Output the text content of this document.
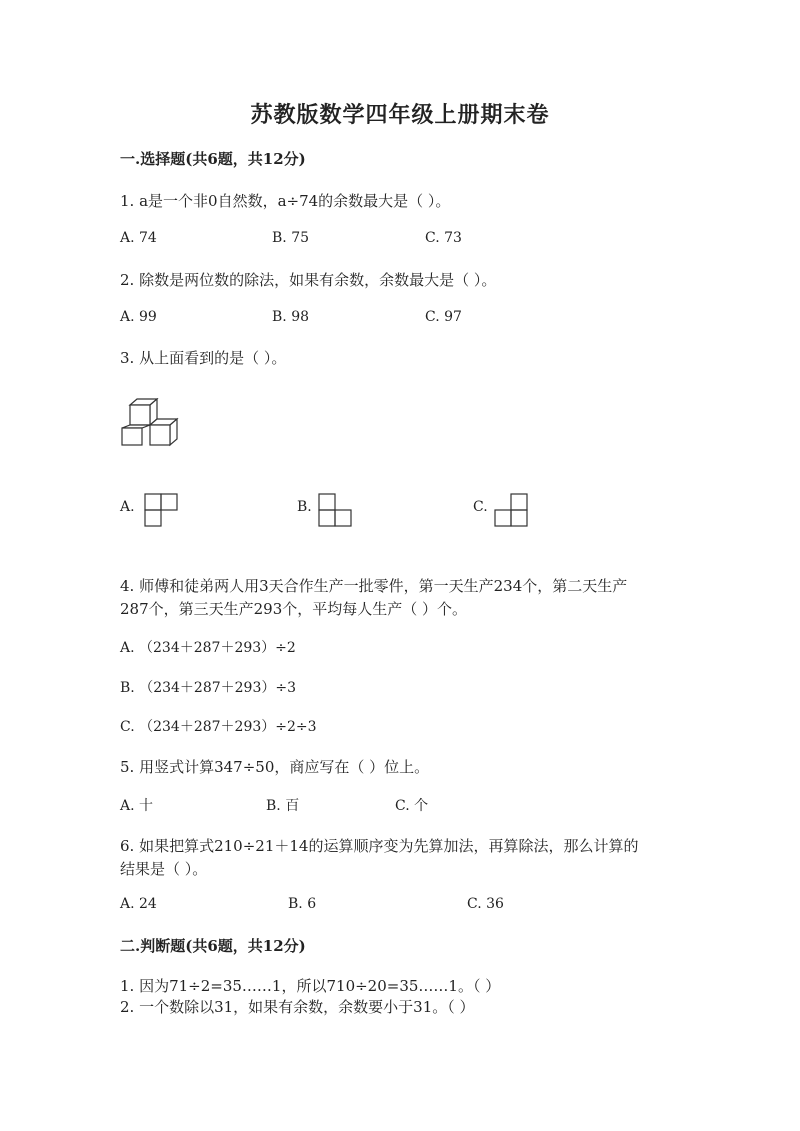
苏教版数学四年级上册期末卷
一.选择题(共6题，共12分)
1. a是一个非0自然数，a÷74的余数最大是（ ）。
A. 74	B. 75	C. 73
2. 除数是两位数的除法，如果有余数，余数最大是（ ）。
A. 99	B. 98	C. 97
3. 从上面看到的是（ ）。
A.	B.	C.
4. 师傅和徒弟两人用3天合作生产一批零件，第一天生产234个，第二天生产
287个，第三天生产293个，平均每人生产（ ）个。
A. （234＋287＋293）÷2
B. （234＋287＋293）÷3
C. （234＋287＋293）÷2÷3
5. 用竖式计算347÷50，商应写在（ ）位上。
A. 十	B. 百	C. 个
6. 如果把算式210÷21＋14的运算顺序变为先算加法，再算除法，那么计算的
结果是（ ）。
A. 24	B. 6	C. 36
二.判断题(共6题，共12分)
1. 因为71÷2=35……1，所以710÷20=35……1。（ ）
2. 一个数除以31，如果有余数，余数要小于31。（ ）
